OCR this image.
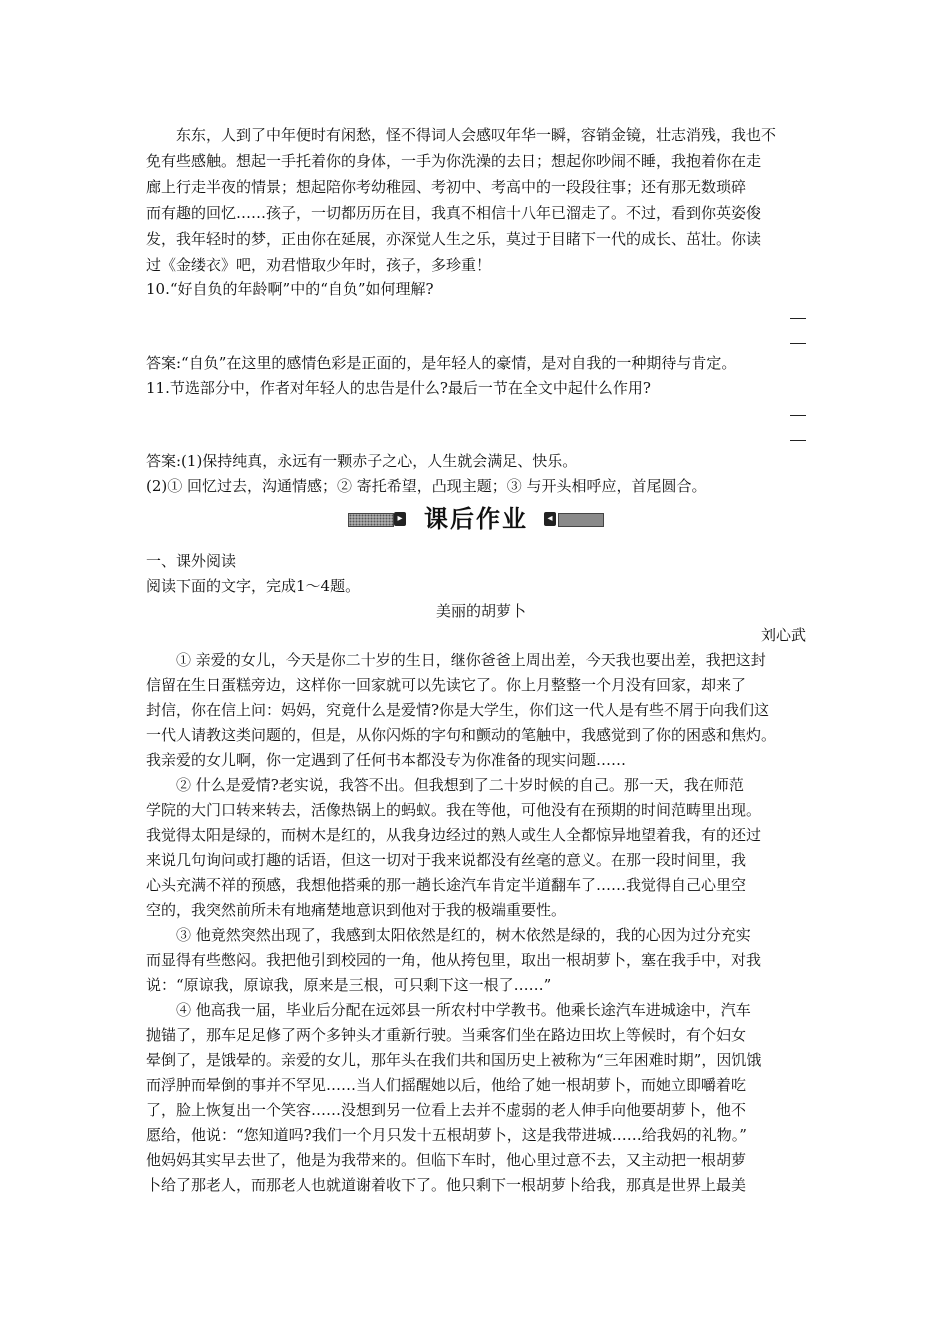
东东，人到了中年便时有闲愁，怪不得词人会感叹年华一瞬，容销金镜，壮志消残，我也不
免有些感触。想起一手托着你的身体，一手为你洗澡的去日；想起你吵闹不睡，我抱着你在走
廊上行走半夜的情景；想起陪你考幼稚园、考初中、考高中的一段段往事；还有那无数琐碎
而有趣的回忆……孩子，一切都历历在目，我真不相信十八年已溜走了。不过，看到你英姿俊
发，我年轻时的梦，正由你在延展，亦深觉人生之乐，莫过于目睹下一代的成长、茁壮。你读
过《金缕衣》吧，劝君惜取少年时，孩子，多珍重！
10.“好自负的年龄啊”中的“自负”如何理解?
答案:“自负”在这里的感情色彩是正面的，是年轻人的豪情，是对自我的一种期待与肯定。
11.节选部分中，作者对年轻人的忠告是什么?最后一节在全文中起什么作用?
答案:(1)保持纯真，永远有一颗赤子之心，人生就会满足、快乐。
(2)① 回忆过去，沟通情感；② 寄托希望，凸现主题；③ 与开头相呼应，首尾圆合。
▸ 课后作业	◂
一、课外阅读
阅读下面的文字，完成1～4题。
美丽的胡萝卜
刘心武
① 亲爱的女儿，今天是你二十岁的生日，继你爸爸上周出差，今天我也要出差，我把这封
信留在生日蛋糕旁边，这样你一回家就可以先读它了。你上月整整一个月没有回家，却来了
封信，你在信上问：妈妈，究竟什么是爱情?你是大学生，你们这一代人是有些不屑于向我们这
一代人请教这类问题的，但是，从你闪烁的字句和颤动的笔触中，我感觉到了你的困惑和焦灼。
我亲爱的女儿啊，你一定遇到了任何书本都没专为你准备的现实问题……
② 什么是爱情?老实说，我答不出。但我想到了二十岁时候的自己。那一天，我在师范
学院的大门口转来转去，活像热锅上的蚂蚁。我在等他，可他没有在预期的时间范畴里出现。
我觉得太阳是绿的，而树木是红的，从我身边经过的熟人或生人全都惊异地望着我，有的还过
来说几句询问或打趣的话语，但这一切对于我来说都没有丝毫的意义。在那一段时间里，我
心头充满不祥的预感，我想他搭乘的那一趟长途汽车肯定半道翻车了……我觉得自己心里空
空的，我突然前所未有地痛楚地意识到他对于我的极端重要性。
③ 他竟然突然出现了，我感到太阳依然是红的，树木依然是绿的，我的心因为过分充实
而显得有些憋闷。我把他引到校园的一角，他从挎包里，取出一根胡萝卜，塞在我手中，对我
说：“原谅我，原谅我，原来是三根，可只剩下这一根了……”
④ 他高我一届，毕业后分配在远郊县一所农村中学教书。他乘长途汽车进城途中，汽车
抛锚了，那车足足修了两个多钟头才重新行驶。当乘客们坐在路边田坎上等候时，有个妇女
晕倒了，是饿晕的。亲爱的女儿，那年头在我们共和国历史上被称为“三年困难时期”，因饥饿
而浮肿而晕倒的事并不罕见……当人们摇醒她以后，他给了她一根胡萝卜，而她立即嚼着吃
了，脸上恢复出一个笑容……没想到另一位看上去并不虚弱的老人伸手向他要胡萝卜，他不
愿给，他说：“您知道吗?我们一个月只发十五根胡萝卜，这是我带进城……给我妈的礼物。”
他妈妈其实早去世了，他是为我带来的。但临下车时，他心里过意不去，又主动把一根胡萝
卜给了那老人，而那老人也就道谢着收下了。他只剩下一根胡萝卜给我，那真是世界上最美
